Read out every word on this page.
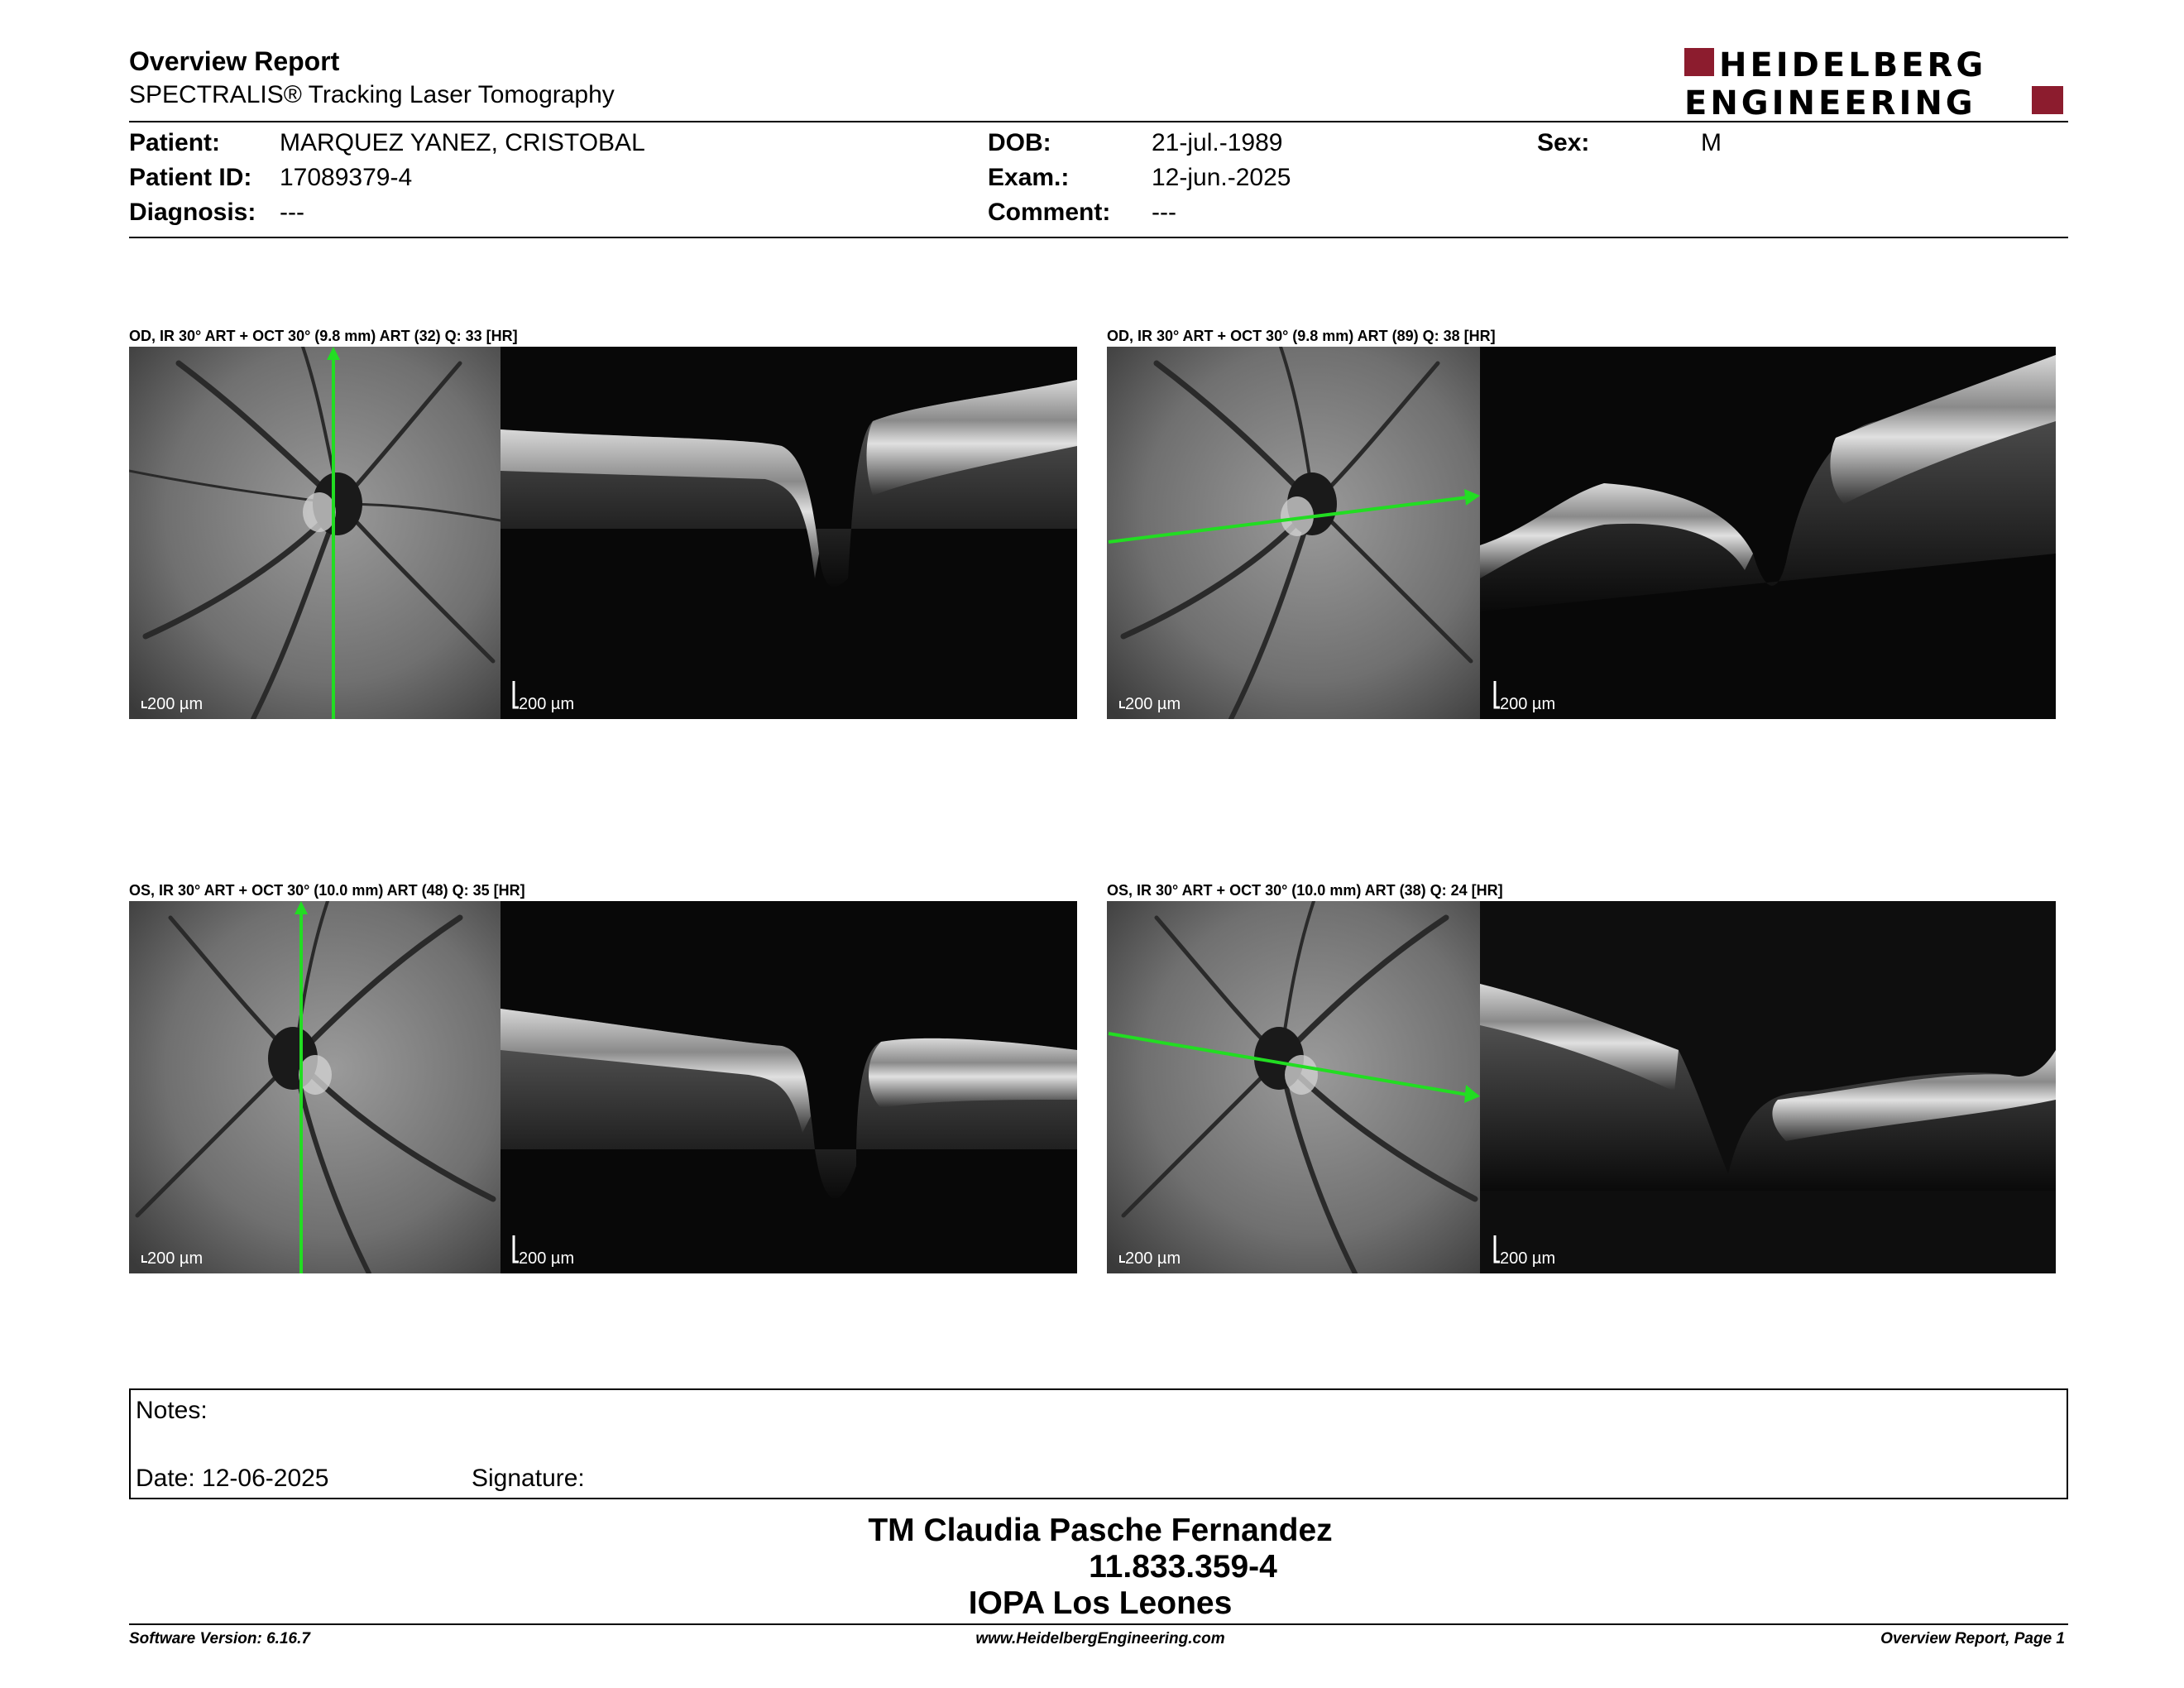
Overview Report
SPECTRALIS® Tracking Laser Tomography
HEIDELBERG
ENGINEERING
Patient: MARQUEZ YANEZ, CRISTOBAL
Patient ID: 17089379-4
Diagnosis: ---
DOB:	21-jul.-1989
Exam.:	12-jun.-2025
Comment: ---
Sex:	M
OD, IR 30° ART + OCT 30° (9.8 mm) ART (32) Q: 33 [HR]
200 µm	200 µm
OD, IR 30° ART + OCT 30° (9.8 mm) ART (89) Q: 38 [HR]
200 µm	200 µm
OS, IR 30° ART + OCT 30° (10.0 mm) ART (48) Q: 35 [HR]
200 µm	200 µm
OS, IR 30° ART + OCT 30° (10.0 mm) ART (38) Q: 24 [HR]
200 µm	200 µm
Notes:
Date: 12-06-2025	Signature:
TM Claudia Pasche Fernandez
11.833.359-4
IOPA Los Leones
Software Version: 6.16.7	www.HeidelbergEngineering.com	Overview Report, Page 1
